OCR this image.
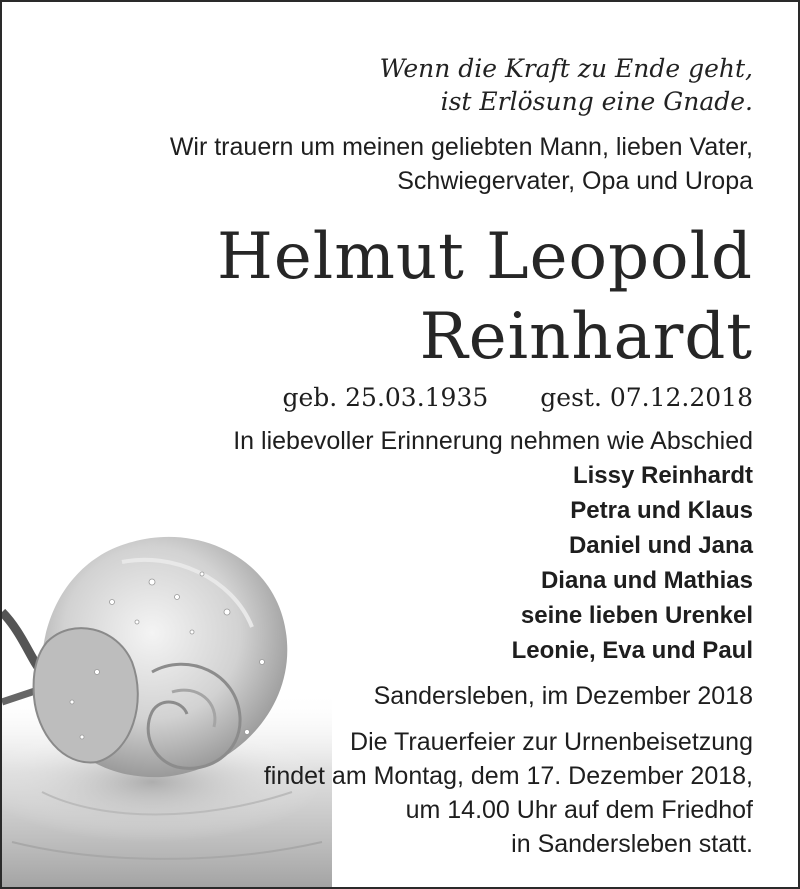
Wenn die Kraft zu Ende geht,
ist Erlösung eine Gnade.
Wir trauern um meinen geliebten Mann, lieben Vater,
Schwiegervater, Opa und Uropa
Helmut Leopold
Reinhardt
geb. 25.03.1935 gest. 07.12.2018
In liebevoller Erinnerung nehmen wie Abschied
Lissy Reinhardt
Petra und Klaus
Daniel und Jana
Diana und Mathias
seine lieben Urenkel
Leonie, Eva und Paul
Sandersleben, im Dezember 2018
Die Trauerfeier zur Urnenbeisetzung
findet am Montag, dem 17. Dezember 2018,
um 14.00 Uhr auf dem Friedhof
in Sandersleben statt.
